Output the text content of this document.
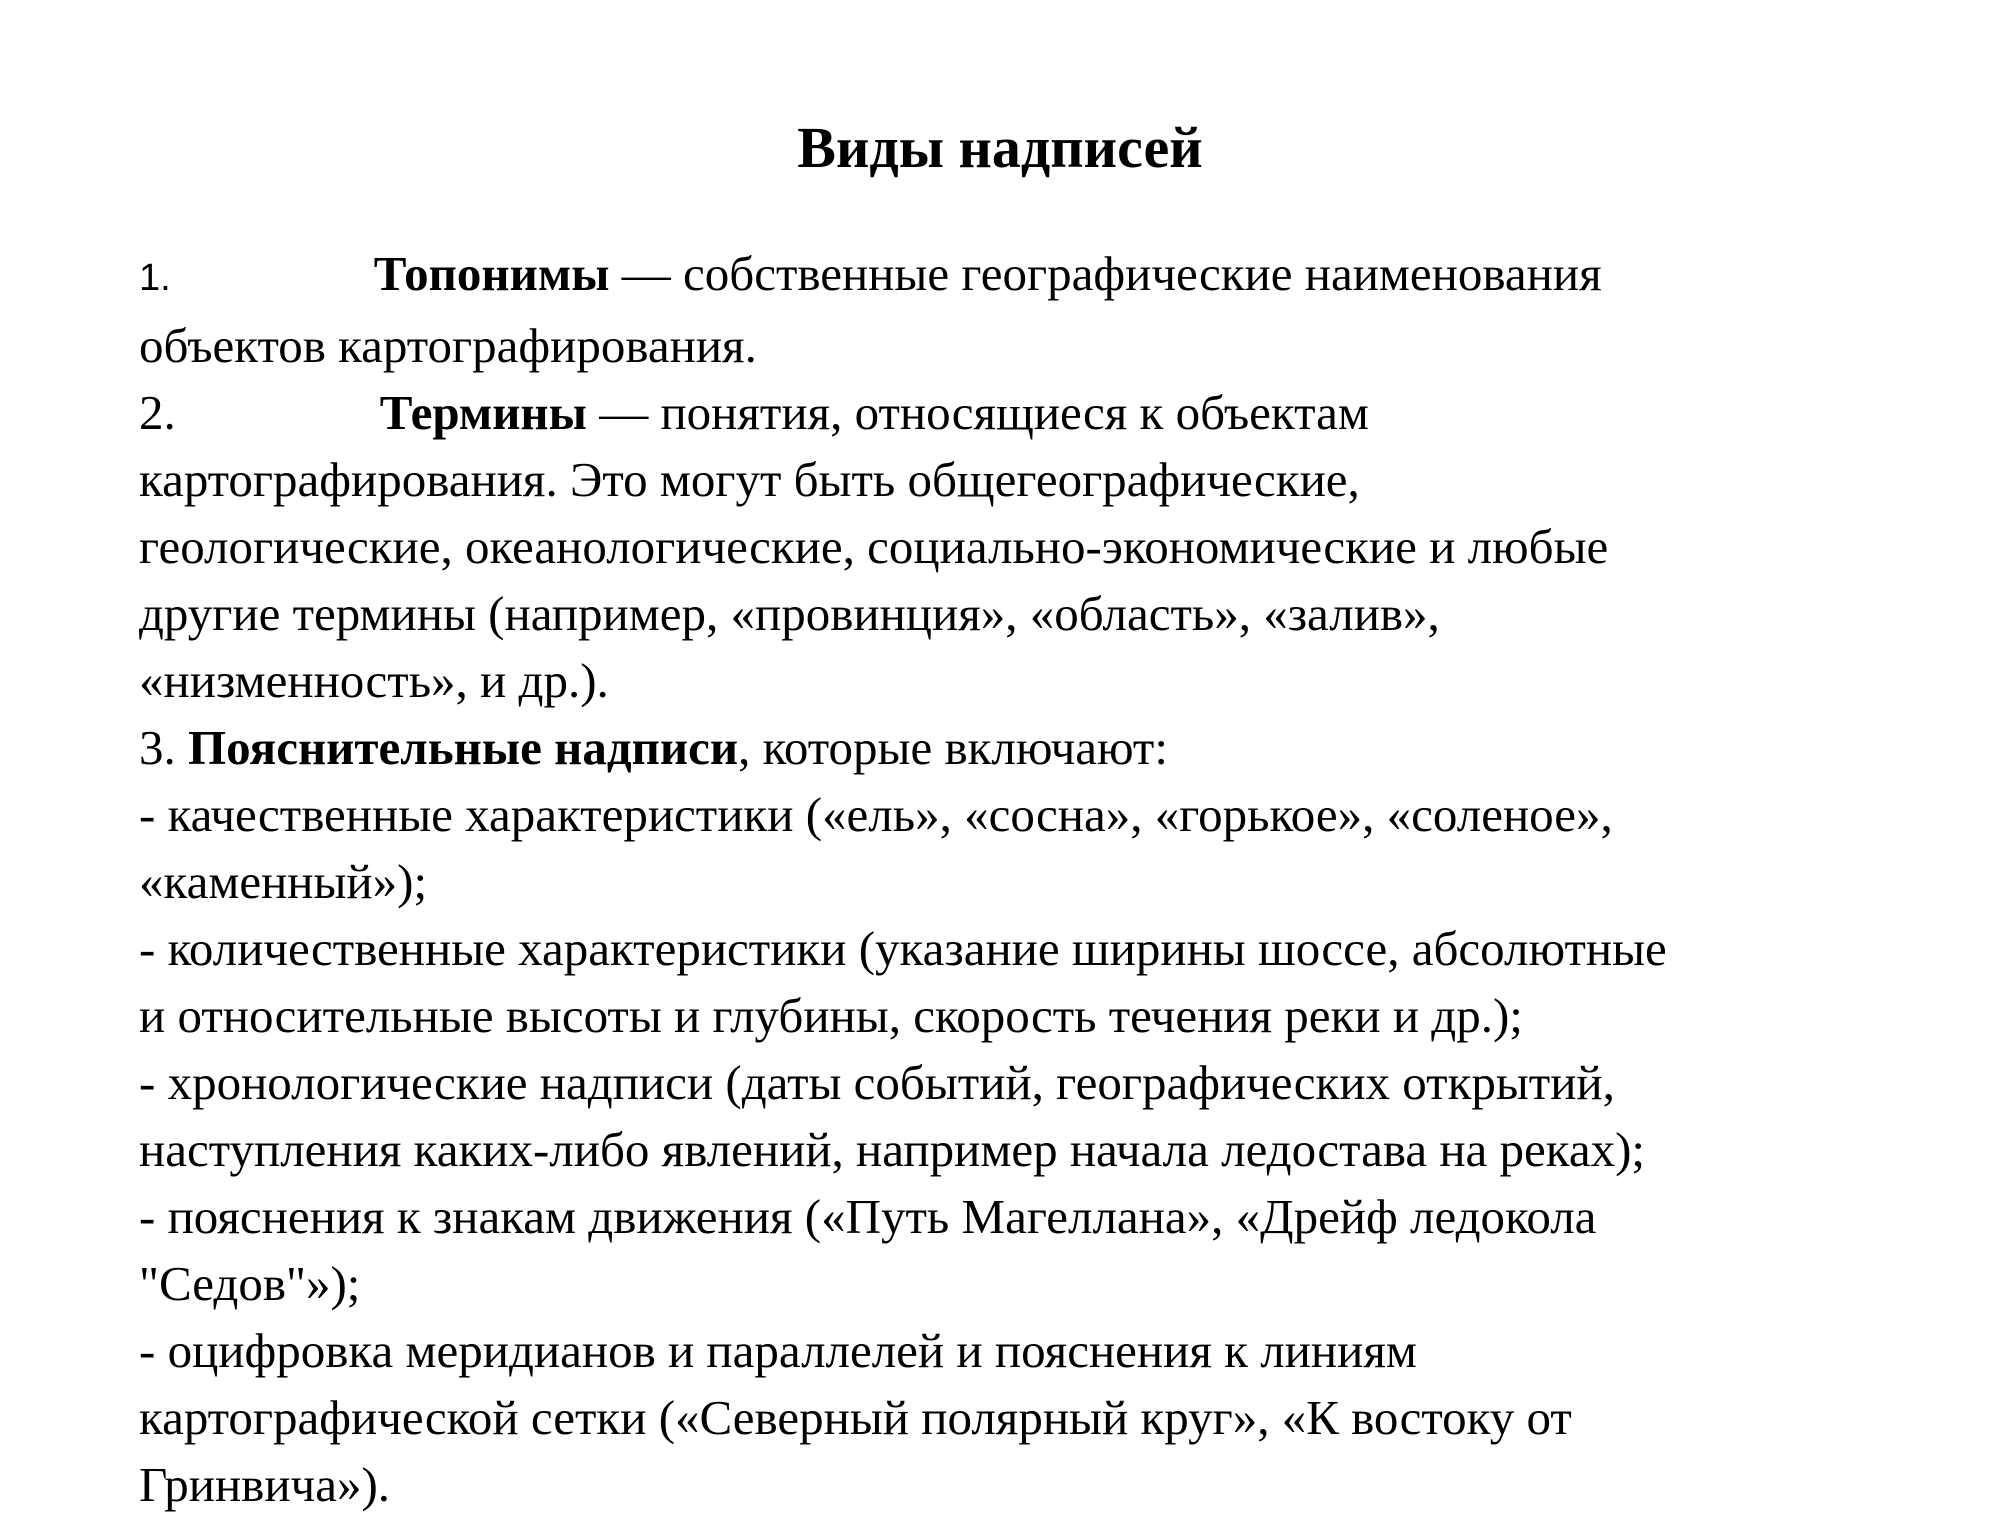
Виды надписей

1.	Топонимы — собственные географические наименования

объектов картографирования.

2.	Термины — понятия, относящиеся к объектам

картографирования. Это могут быть общегеографические,

геологические, океанологические, социально-экономические и любые

другие термины (например, «провинция», «область», «залив»,

«низменность», и др.).

3. Пояснительные надписи, которые включают:

- качественные характеристики («ель», «сосна», «горькое», «соленое»,

«каменный»);

- количественные характеристики (указание ширины шоссе, абсолютные

и относительные высоты и глубины, скорость течения реки и др.);

- хронологические надписи (даты событий, географических открытий,

наступления каких-либо явлений, например начала ледостава на реках);

- пояснения к знакам движения («Путь Магеллана», «Дрейф ледокола

"Седов"»);

- оцифровка меридианов и параллелей и пояснения к линиям

картографической сетки («Северный полярный круг», «К востоку от

Гринвича»).
